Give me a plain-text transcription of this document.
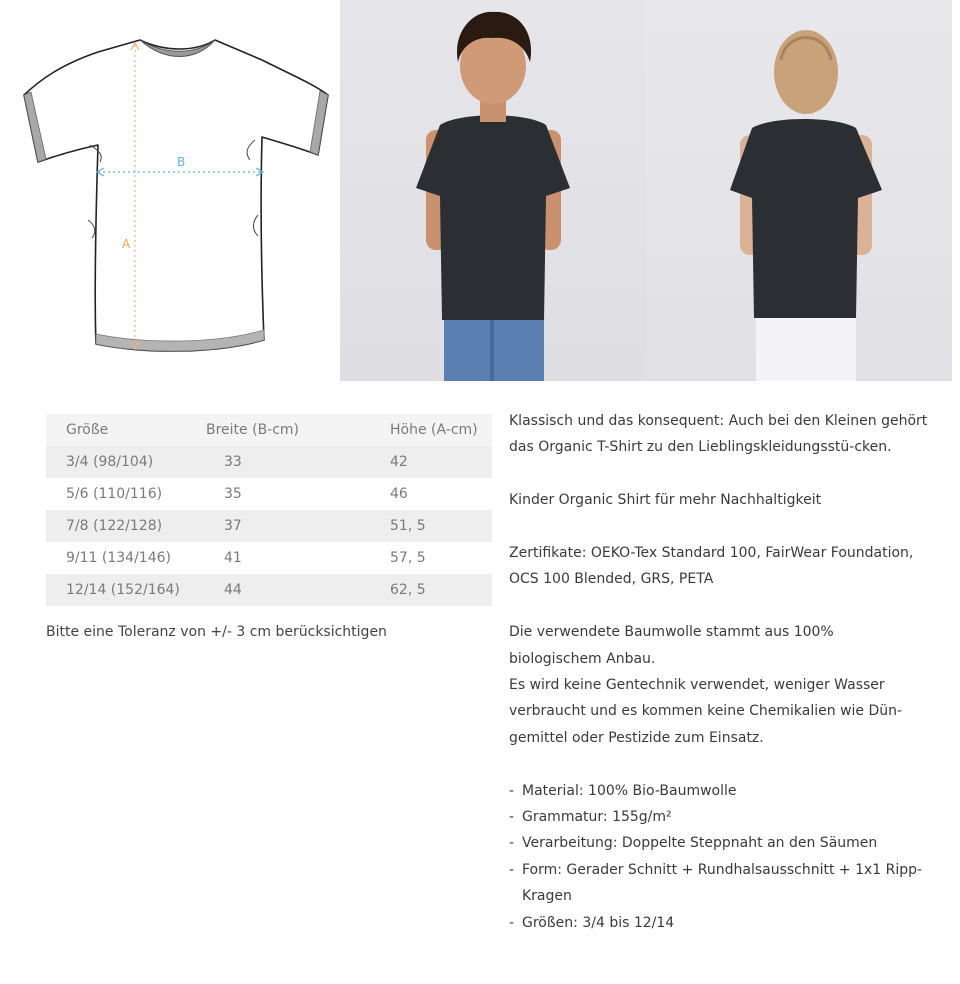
A
B
Größe	Breite (B-cm)	Höhe (A-cm)
3/4 (98/104)	33	42
5/6 (110/116)	35	46
7/8 (122/128)	37	51, 5
9/11 (134/146)	41	57, 5
12/14 (152/164)	44	62, 5
Bitte eine Toleranz von +/- 3 cm berücksichtigen

Klassisch und das konsequent: Auch bei den Kleinen gehört das Organic T-Shirt zu den Lieblingskleidungsstü-cken.

Kinder Organic Shirt für mehr Nachhaltigkeit

Zertifikate: OEKO-Tex Standard 100, FairWear Foundation, OCS 100 Blended, GRS, PETA

Die verwendete Baumwolle stammt aus 100% biologischem Anbau.

Es wird keine Gentechnik verwendet, weniger Wasser verbraucht und es kommen keine Chemikalien wie Dün-gemittel oder Pestizide zum Einsatz.

- Material: 100% Bio-Baumwolle
- Grammatur: 155g/m²
- Verarbeitung: Doppelte Steppnaht an den Säumen
- Form: Gerader Schnitt + Rundhalsausschnitt + 1x1 Ripp-Kragen
- Größen: 3/4 bis 12/14
